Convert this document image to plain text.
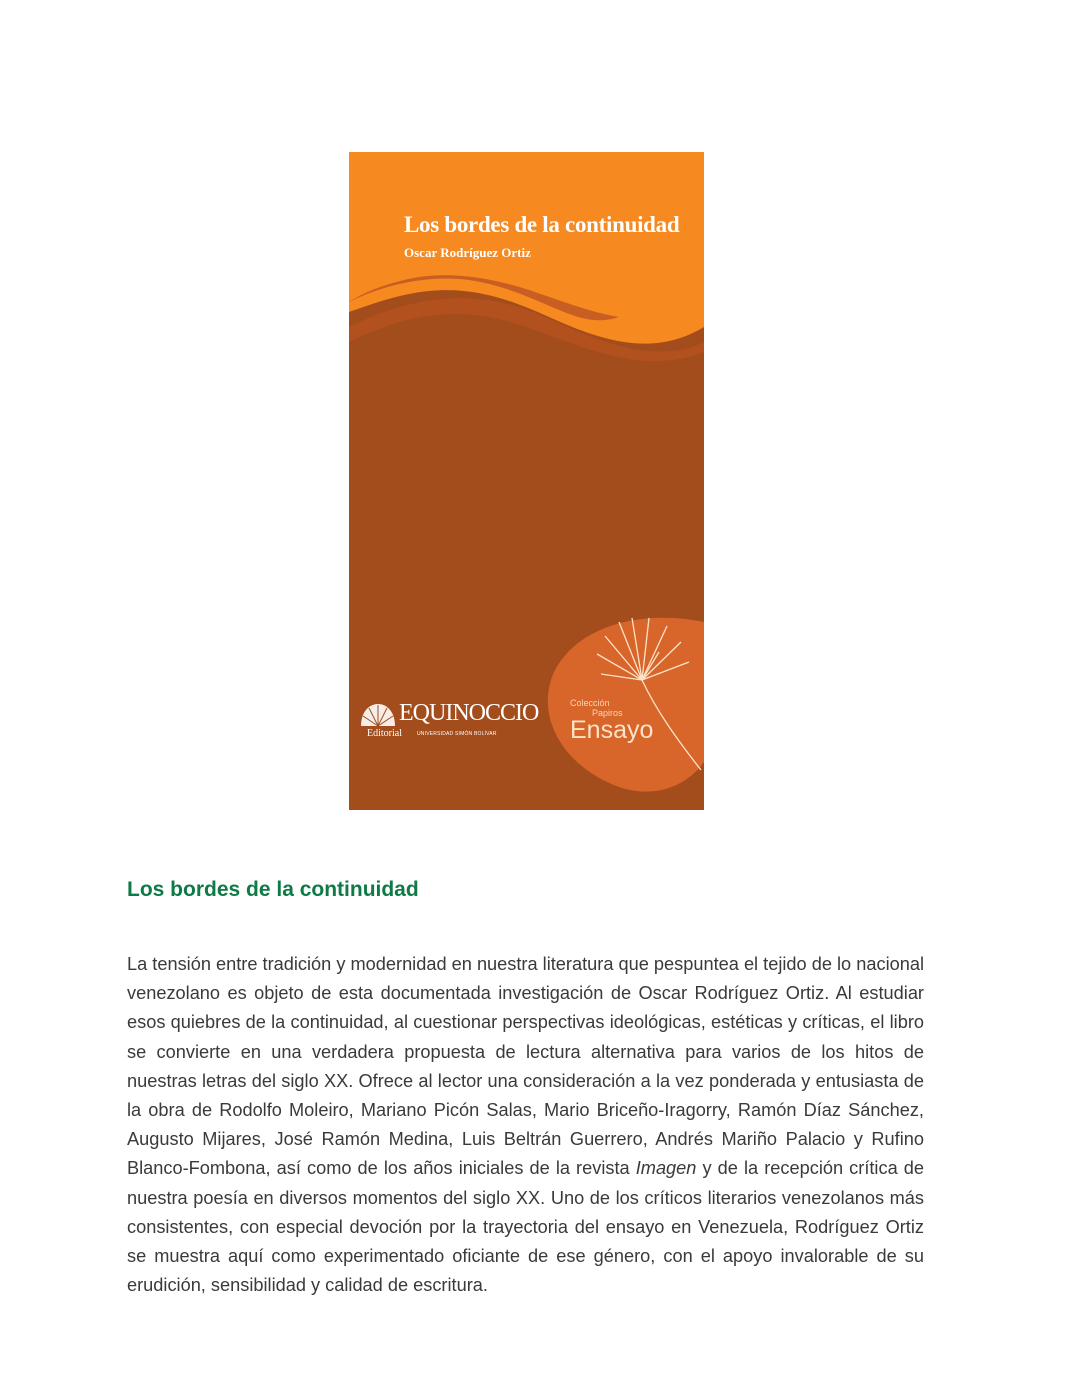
Los bordes de la continuidad
Oscar Rodríguez Ortiz
Editorial
EQUINOCCIO
UNIVERSIDAD SIMÓN BOLÍVAR
Colección
Papiros
Ensayo
Los bordes de la continuidad

La tensión entre tradición y modernidad en nuestra literatura que pespuntea el tejido de lo nacional venezolano es objeto de esta documentada investigación de Oscar Rodríguez Ortiz. Al estudiar esos quiebres de la continuidad, al cuestionar perspectivas ideológicas, estéticas y críticas, el libro se convierte en una verdadera propuesta de lectura alternativa para varios de los hitos de nuestras letras del siglo XX. Ofrece al lector una consideración a la vez ponderada y entusiasta de la obra de Rodolfo Moleiro, Mariano Picón Salas, Mario Briceño-Iragorry, Ramón Díaz Sánchez, Augusto Mijares, José Ramón Medina, Luis Beltrán Guerrero, Andrés Mariño Palacio y Rufino Blanco-Fombona, así como de los años iniciales de la revista Imagen y de la recepción crítica de nuestra poesía en diversos momentos del siglo XX. Uno de los críticos literarios venezolanos más consistentes, con especial devoción por la trayectoria del ensayo en Venezuela, Rodríguez Ortiz se muestra aquí como experimentado oficiante de ese género, con el apoyo invalorable de su erudición, sensibilidad y calidad de escritura.
